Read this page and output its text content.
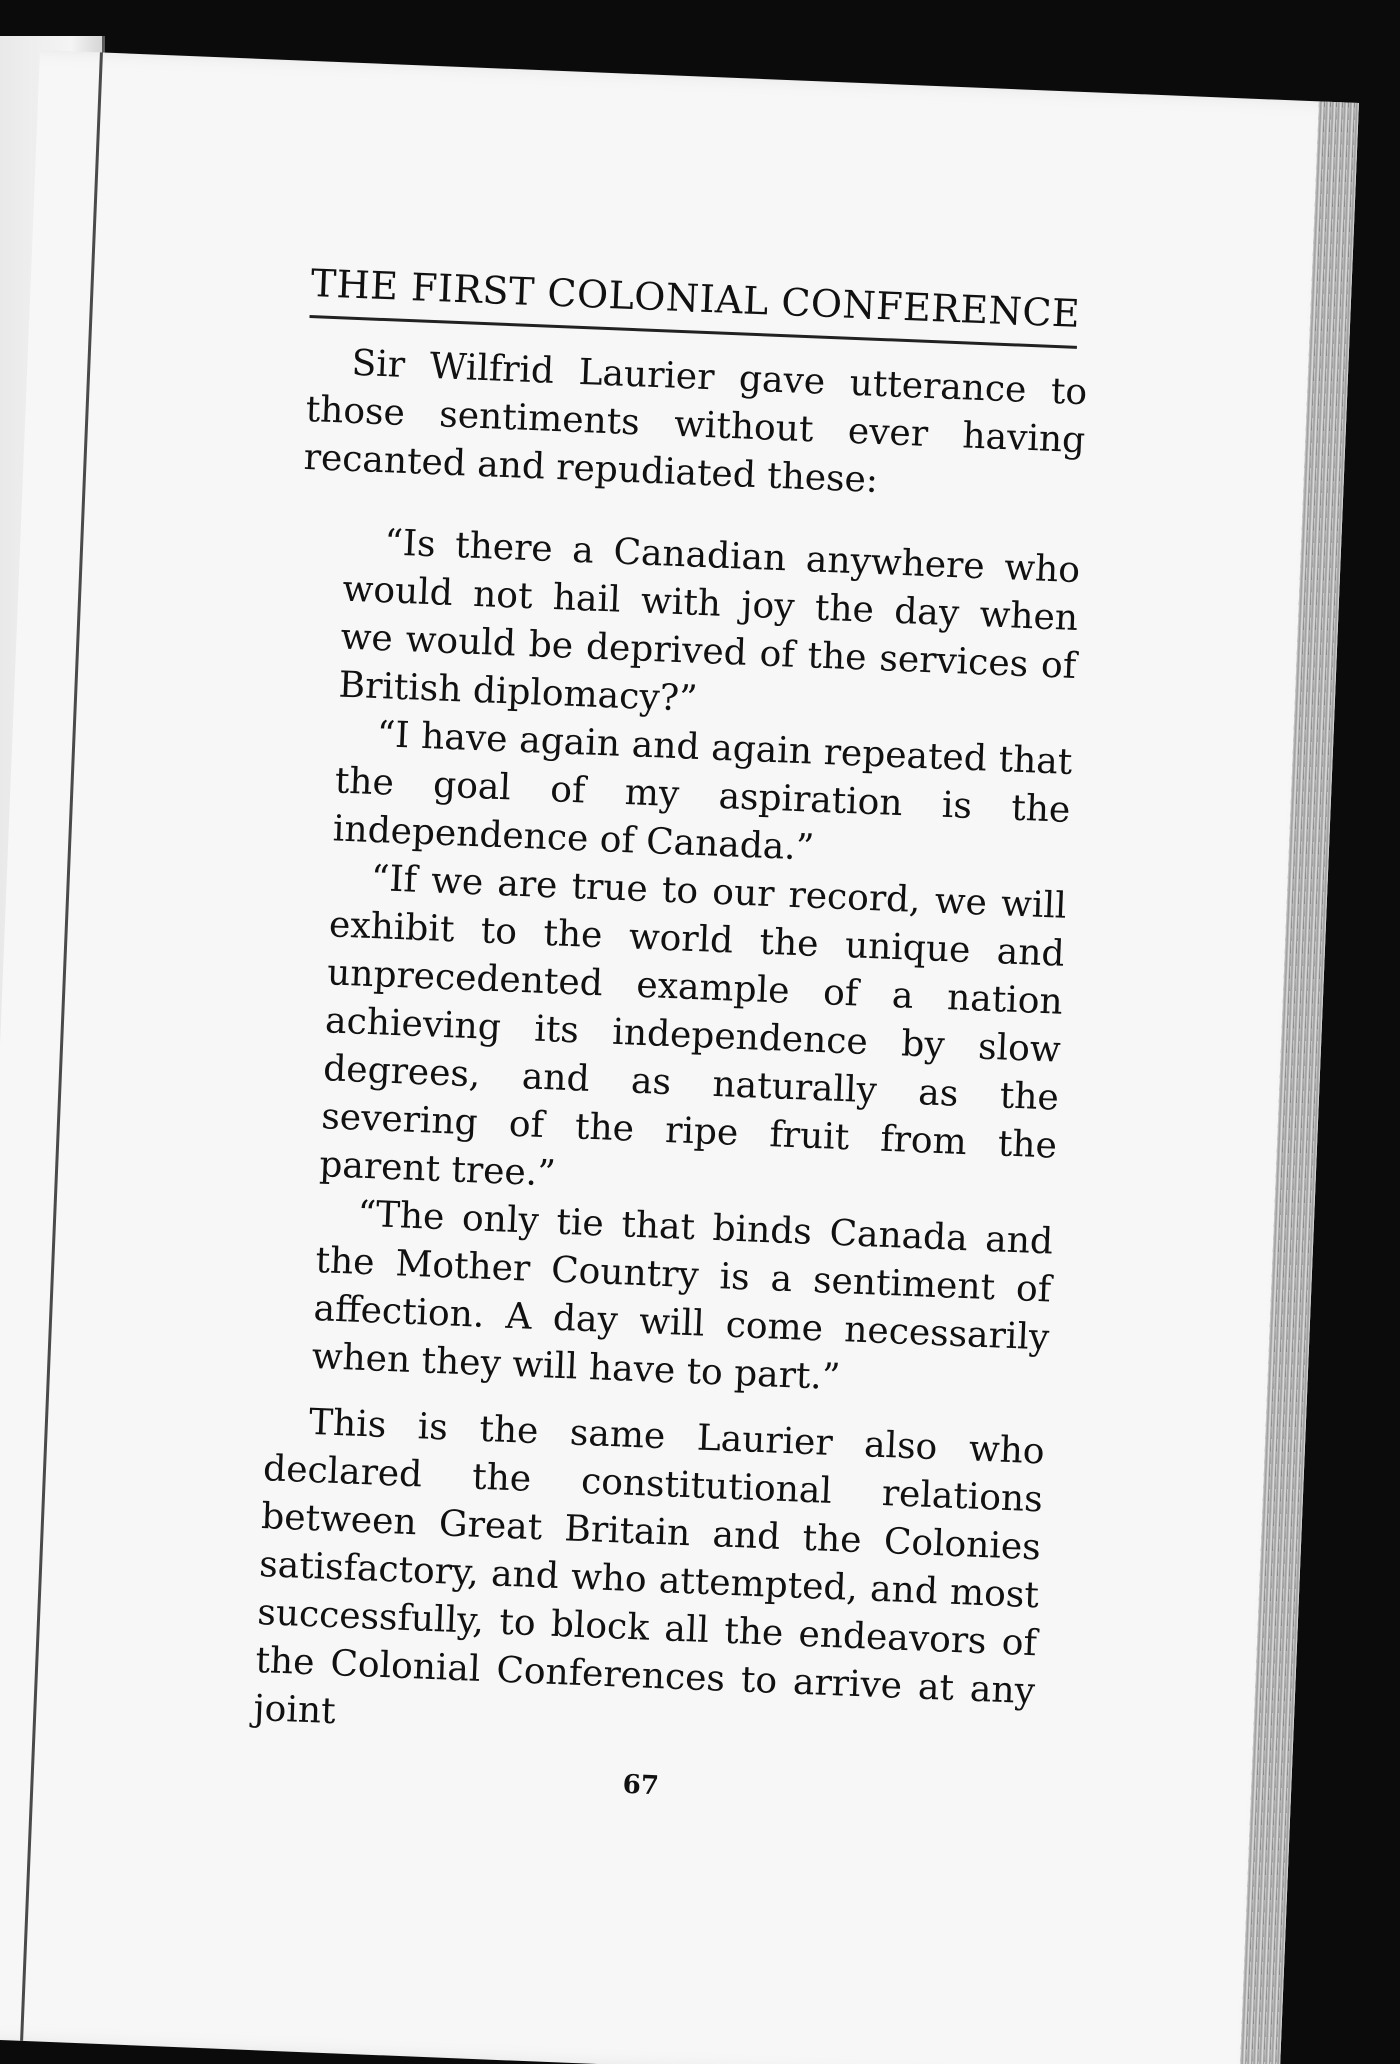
THE FIRST COLONIAL CONFERENCE

Sir Wilfrid Laurier gave utterance to those sentiments without ever having recanted and repudiated these:

“Is there a Canadian anywhere who would not hail with joy the day when we would be deprived of the services of British diplomacy?”

“I have again and again repeated that the goal of my aspiration is the independence of Canada.”

“If we are true to our record, we will exhibit to the world the unique and unprecedented example of a nation achieving its independence by slow degrees, and as naturally as the severing of the ripe fruit from the parent tree.”

“The only tie that binds Canada and the Mother Country is a sentiment of affection. A day will come necessarily when they will have to part.”

This is the same Laurier also who declared the constitutional relations between Great Britain and the Colonies satisfactory, and who attempted, and most successfully, to block all the endeavors of the Colonial Conferences to arrive at any joint

67
